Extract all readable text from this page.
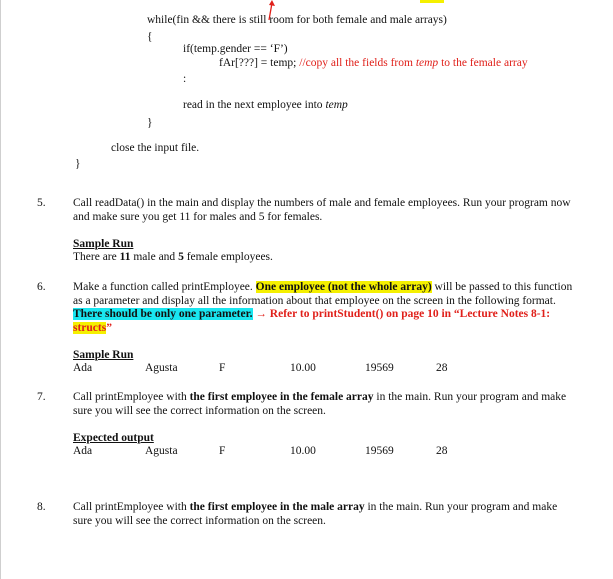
while(fin && there is still room for both female and male arrays)
{
if(temp.gender == ‘F’)
fAr[???] = temp; //copy all the fields from temp to the female array
:
read in the next employee into temp
}
close the input file.
}
5. Call readData() in the main and display the numbers of male and female employees. Run your program now and make sure you get 11 for males and 5 for females.
Sample Run
There are 11 male and 5 female employees.
6. Make a function called printEmployee. One employee (not the whole array) will be passed to this function as a parameter and display all the information about that employee on the screen in the following format. There should be only one parameter. → Refer to printStudent() on page 10 in “Lecture Notes 8-1: structs”
Sample Run
Ada	Agusta	F	10.00	19569	28
7. Call printEmployee with the first employee in the female array in the main. Run your program and make sure you will see the correct information on the screen.
Expected output
Ada	Agusta	F	10.00	19569	28
8. Call printEmployee with the first employee in the male array in the main. Run your program and make sure you will see the correct information on the screen.
